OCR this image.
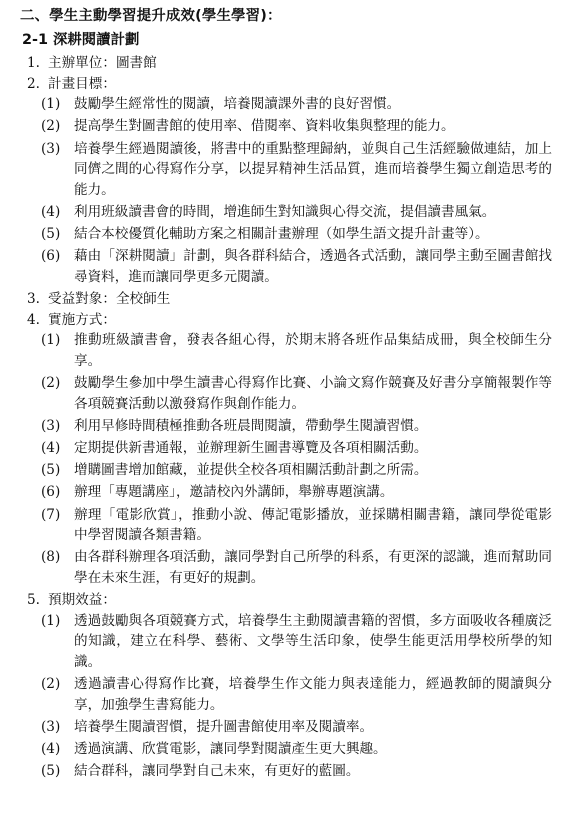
二、學生主動學習提升成效(學生學習)：
2-1 深耕閱讀計劃
1. 主辦單位：圖書館
2. 計畫目標：
(1) 鼓勵學生經常性的閱讀，培養閱讀課外書的良好習慣。
(2) 提高學生對圖書館的使用率、借閱率、資料收集與整理的能力。
(3) 培養學生經過閱讀後，將書中的重點整理歸納，並與自己生活經驗做連結，加上同儕之間的心得寫作分享，以提昇精神生活品質，進而培養學生獨立創造思考的能力。
(4) 利用班級讀書會的時間，增進師生對知識與心得交流，提倡讀書風氣。
(5) 結合本校優質化輔助方案之相關計畫辦理（如學生語文提升計畫等）。
(6) 藉由「深耕閱讀」計劃，與各群科結合，透過各式活動，讓同學主動至圖書館找尋資料，進而讓同學更多元閱讀。
3. 受益對象：全校師生
4. 實施方式：
(1) 推動班級讀書會，發表各組心得，於期末將各班作品集結成冊，與全校師生分享。
(2) 鼓勵學生參加中學生讀書心得寫作比賽、小論文寫作競賽及好書分享簡報製作等各項競賽活動以激發寫作與創作能力。
(3) 利用早修時間積極推動各班晨間閱讀，帶動學生閱讀習慣。
(4) 定期提供新書通報，並辦理新生圖書導覽及各項相關活動。
(5) 增購圖書增加館藏，並提供全校各項相關活動計劃之所需。
(6) 辦理「專題講座」，邀請校內外講師，舉辦專題演講。
(7) 辦理「電影欣賞」，推動小說、傳記電影播放，並採購相關書籍，讓同學從電影中學習閱讀各類書籍。
(8) 由各群科辦理各項活動，讓同學對自己所學的科系，有更深的認識，進而幫助同學在未來生涯，有更好的規劃。
5. 預期效益：
(1) 透過鼓勵與各項競賽方式，培養學生主動閱讀書籍的習慣，多方面吸收各種廣泛的知識，建立在科學、藝術、文學等生活印象，使學生能更活用學校所學的知識。
(2) 透過讀書心得寫作比賽，培養學生作文能力與表達能力，經過教師的閱讀與分享，加強學生書寫能力。
(3) 培養學生閱讀習慣，提升圖書館使用率及閱讀率。
(4) 透過演講、欣賞電影，讓同學對閱讀產生更大興趣。
(5) 結合群科，讓同學對自己未來，有更好的藍圖。
